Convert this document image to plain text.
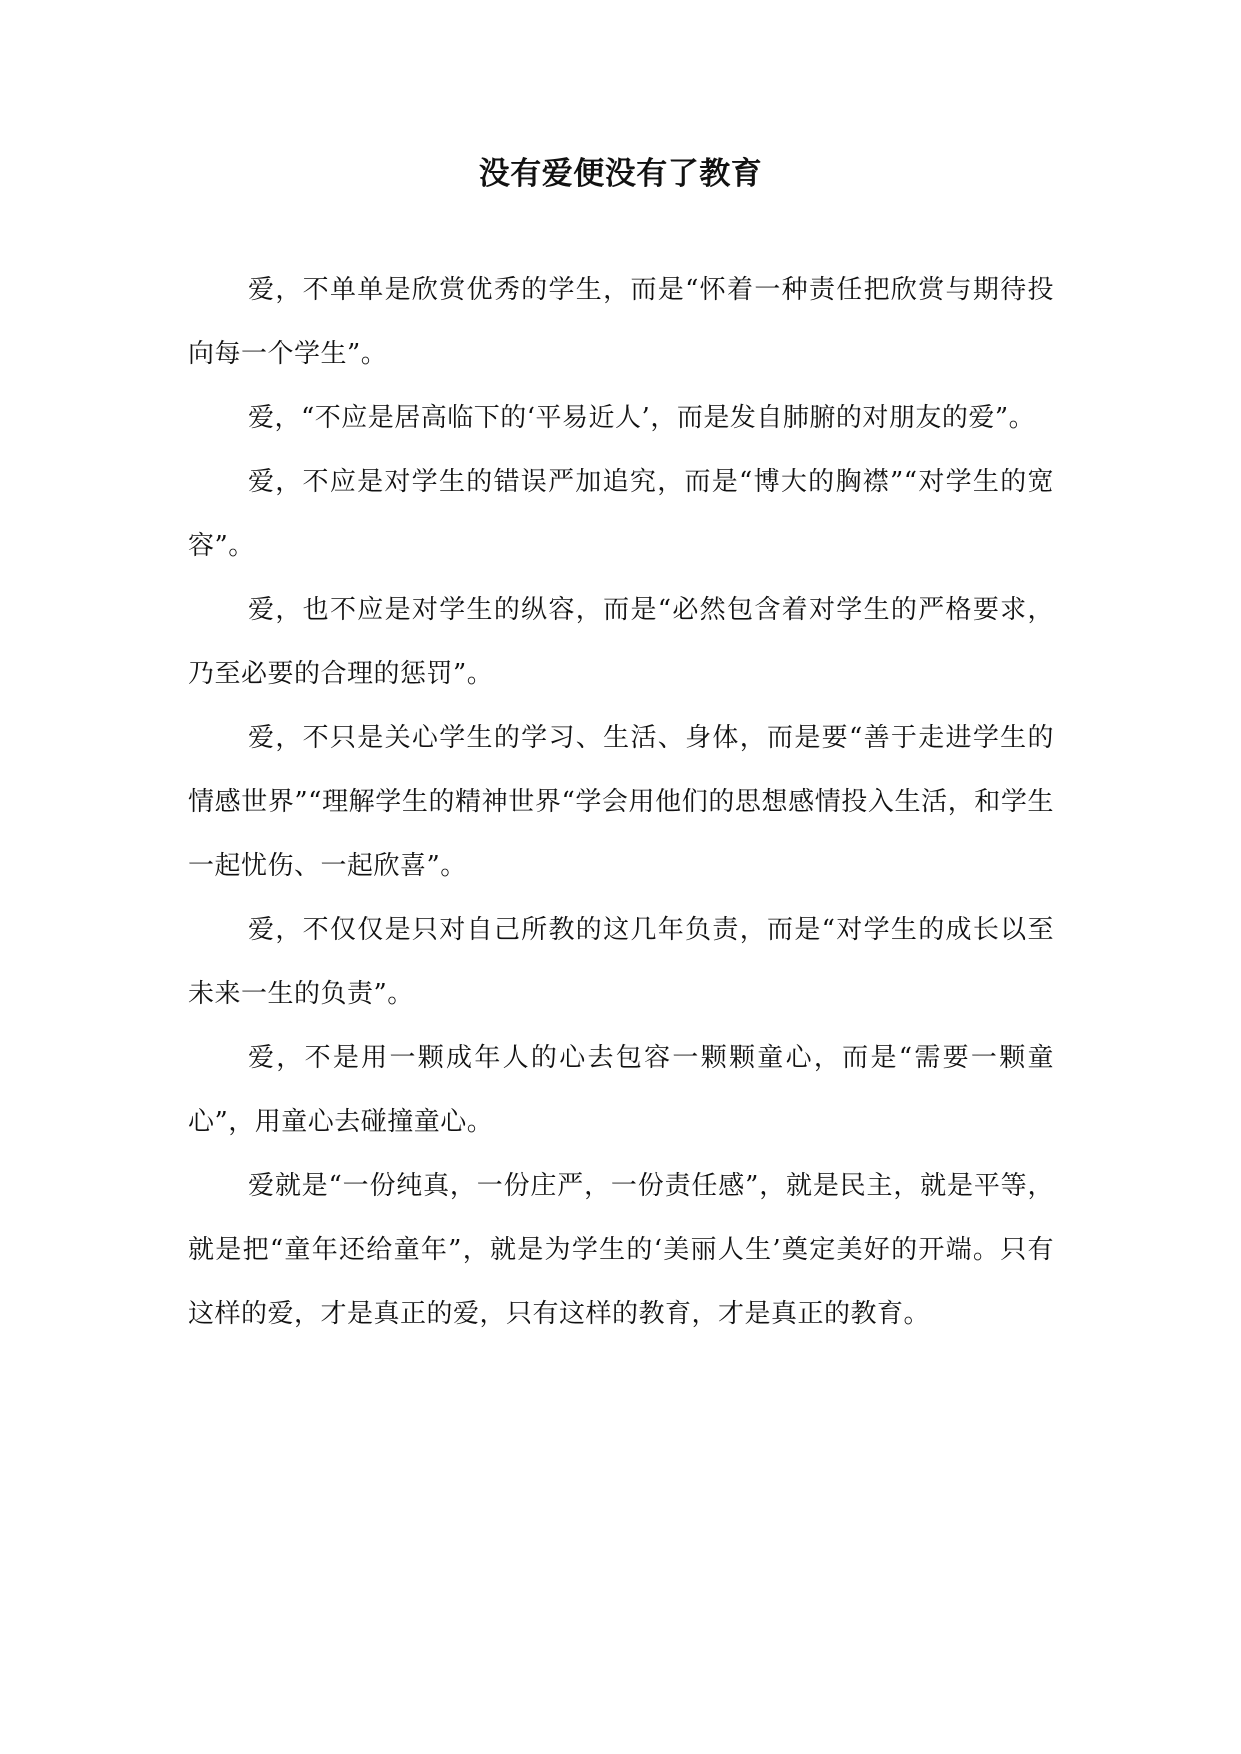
没有爱便没有了教育

爱，不单单是欣赏优秀的学生，而是“怀着一种责任把欣赏与期待投向每一个学生”。

爱，“不应是居高临下的‘平易近人’，而是发自肺腑的对朋友的爱”。

爱，不应是对学生的错误严加追究，而是“博大的胸襟”“对学生的宽容”。

爱，也不应是对学生的纵容，而是“必然包含着对学生的严格要求，乃至必要的合理的惩罚”。

爱，不只是关心学生的学习、生活、身体，而是要“善于走进学生的情感世界”“理解学生的精神世界“学会用他们的思想感情投入生活，和学生一起忧伤、一起欣喜”。

爱，不仅仅是只对自己所教的这几年负责，而是“对学生的成长以至未来一生的负责”。

爱，不是用一颗成年人的心去包容一颗颗童心，而是“需要一颗童心”，用童心去碰撞童心。

爱就是“一份纯真，一份庄严，一份责任感”，就是民主，就是平等，就是把“童年还给童年”，就是为学生的‘美丽人生’奠定美好的开端。只有这样的爱，才是真正的爱，只有这样的教育，才是真正的教育。
